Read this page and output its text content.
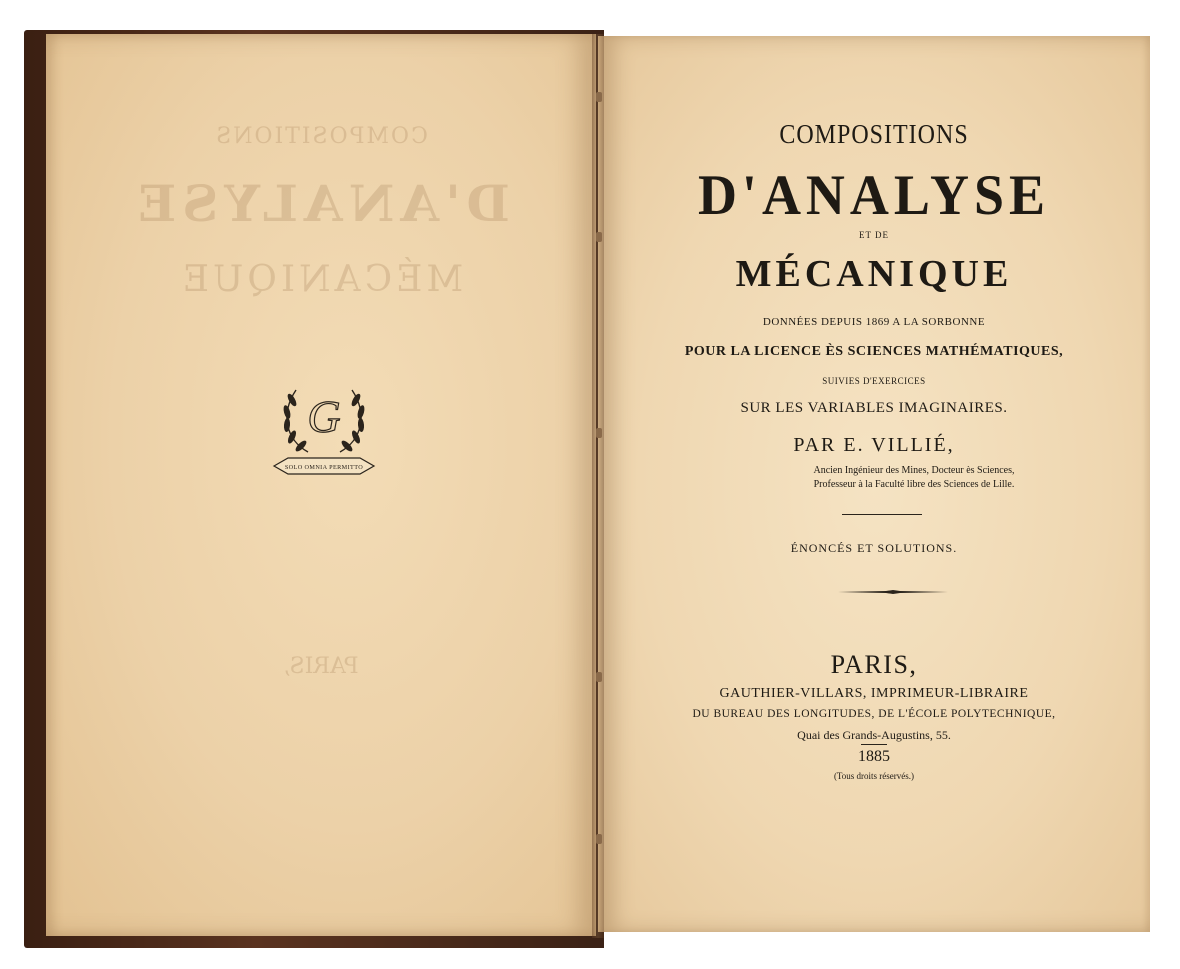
COMPOSITIONS
D'ANALYSE
MÉCANIQUE
PARIS,
G
SOLO OMNIA PERMITTO
COMPOSITIONS
D'ANALYSE
ET DE
MÉCANIQUE
DONNÉES DEPUIS 1869 A LA SORBONNE
POUR LA LICENCE ÈS SCIENCES MATHÉMATIQUES,
SUIVIES D'EXERCICES
SUR LES VARIABLES IMAGINAIRES.
PAR E. VILLIÉ,
Ancien Ingénieur des Mines, Docteur ès Sciences,
Professeur à la Faculté libre des Sciences de Lille.
ÉNONCÉS ET SOLUTIONS.
PARIS,
GAUTHIER-VILLARS, IMPRIMEUR-LIBRAIRE
DU BUREAU DES LONGITUDES, DE L'ÉCOLE POLYTECHNIQUE,
Quai des Grands-Augustins, 55.
1885
(Tous droits réservés.)
